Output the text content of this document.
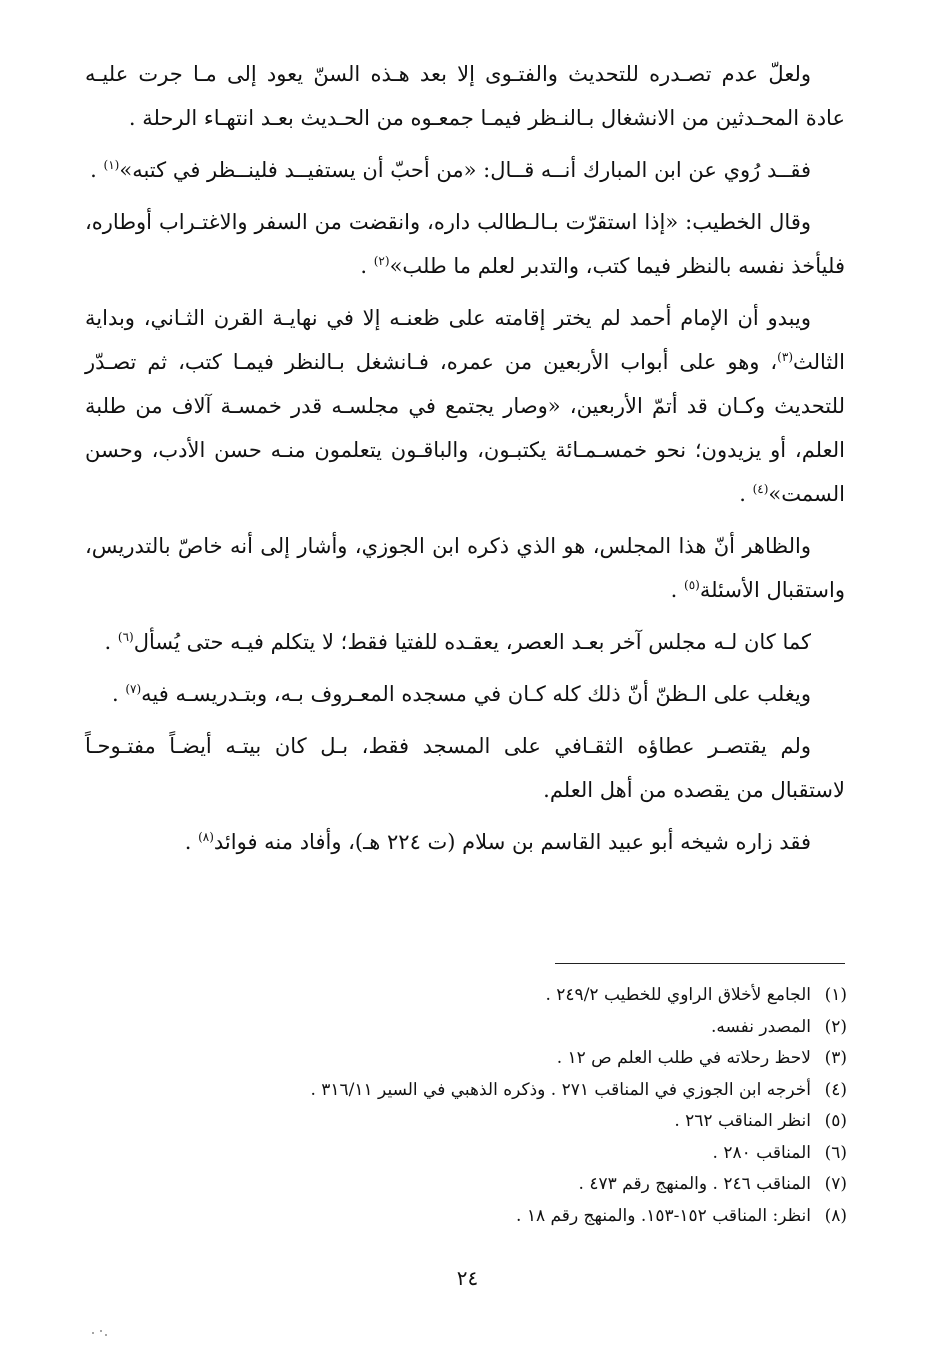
ولعلّ عدم تصـدره للتحديث والفتـوى إلا بعد هـذه السنّ يعود إلى مـا جرت عليـه عادة المحـدثين من الانشغال بـالنـظر فيمـا جمعـوه من الحـديث بعـد انتهـاء الرحلة .

فقــد رُوي عن ابن المبارك أنــه قــال: «من أحبّ أن يستفيــد فلينــظر في كتبه»$^{(١)}$ .

وقال الخطيب: «إذا استقرّت بـالـطالب داره، وانقضت من السفر والاغتـراب أوطاره، فليأخذ نفسه بالنظر فيما كتب، والتدبر لعلم ما طلب»$^{(٢)}$ .

ويبدو أن الإمام أحمد لم يختر إقامته على ظعنـه إلا في نهايـة القرن الثـاني، وبداية الثالث$^{(٣)}$، وهو على أبواب الأربعين من عمره، فـانشغل بـالنظر فيمـا كتب، ثم تصـدّر للتحديث وكـان قد أتمّ الأربعين، «وصار يجتمع في مجلسـه قدر خمسـة آلاف من طلبة العلم، أو يزيدون؛ نحو خمسـمـائة يكتبـون، والباقـون يتعلمون منـه حسن الأدب، وحسن السمت»$^{(٤)}$ .

والظاهر أنّ هذا المجلس، هو الذي ذكره ابن الجوزي، وأشار إلى أنه خاصّ بالتدريس، واستقبال الأسئلة$^{(٥)}$ .

كما كان لـه مجلس آخر بعـد العصر، يعقـده للفتيا فقط؛ لا يتكلم فيـه حتى يُسأل$^{(٦)}$ .

ويغلب على الـظنّ أنّ ذلك كله كـان في مسجده المعـروف بـه، وبتـدريسـه فيه$^{(٧)}$ .

ولم يقتصـر عطاؤه الثقـافي على المسجد فقط، بـل كان بيتـه أيضـاً مفتـوحـاً لاستقبال من يقصده من أهل العلم.

فقد زاره شيخه أبو عبيد القاسم بن سلام (ت ٢٢٤ هـ)، وأفاد منه فوائد$^{(٨)}$ .

(١)الجامع لأخلاق الراوي للخطيب ٢٤٩/٢ .
(٢)المصدر نفسه.
(٣)لاحظ رحلاته في طلب العلم ص ١٢ .
(٤)أخرجه ابن الجوزي في المناقب ٢٧١ . وذكره الذهبي في السير ٣١٦/١١ .
(٥)انظر المناقب ٢٦٢ .
(٦)المناقب ٢٨٠ .
(٧)المناقب ٢٤٦ . والمنهج رقم ٤٧٣ .
(٨)انظر: المناقب ١٥٢-١٥٣. والمنهج رقم ١٨ .
٢٤
